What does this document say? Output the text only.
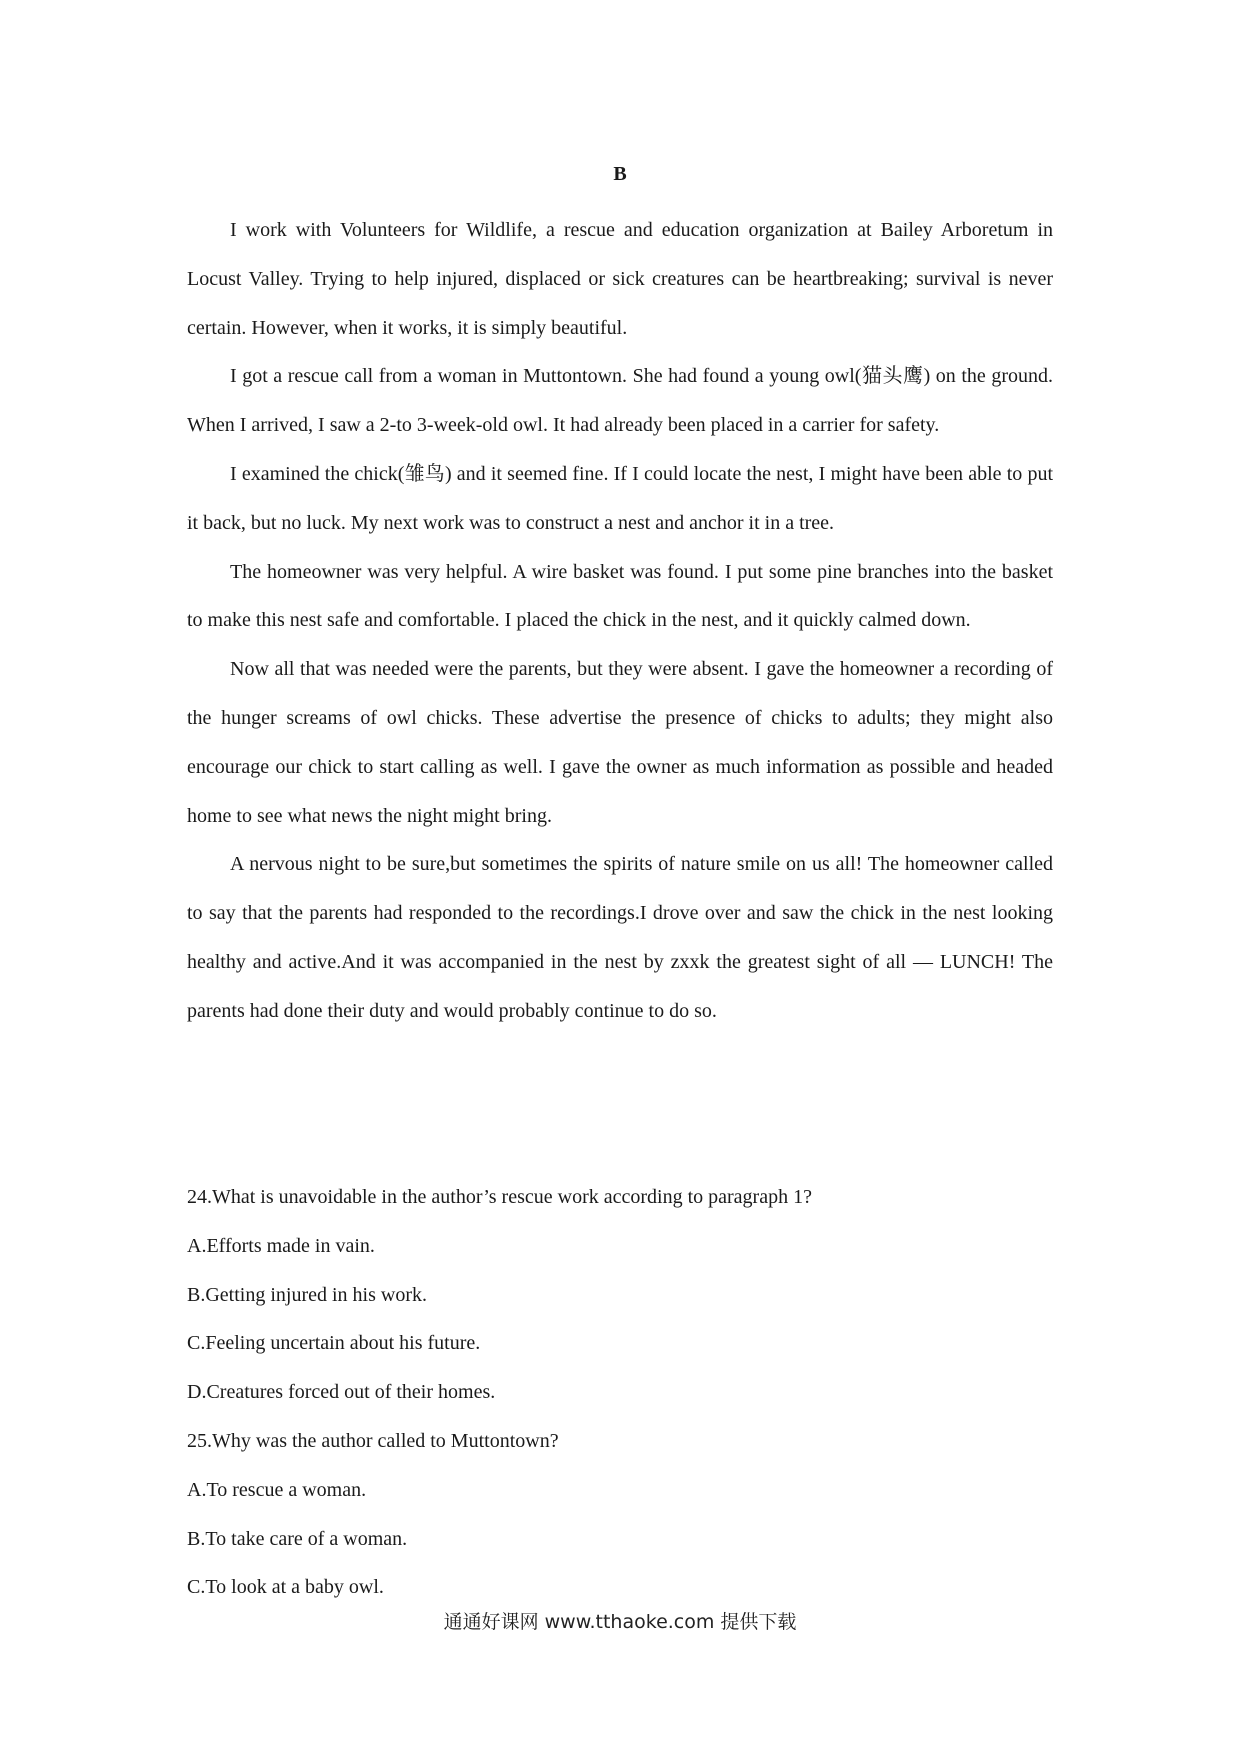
B

I work with Volunteers for Wildlife, a rescue and education organization at Bailey Arboretum in Locust Valley. Trying to help injured, displaced or sick creatures can be heartbreaking; survival is never certain. However, when it works, it is simply beautiful.

I got a rescue call from a woman in Muttontown. She had found a young owl(猫头鹰) on the ground. When I arrived, I saw a 2-to 3-week-old owl. It had already been placed in a carrier for safety.

I examined the chick(雏鸟) and it seemed fine. If I could locate the nest, I might have been able to put it back, but no luck. My next work was to construct a nest and anchor it in a tree.

The homeowner was very helpful. A wire basket was found. I put some pine branches into the basket to make this nest safe and comfortable. I placed the chick in the nest, and it quickly calmed down.

Now all that was needed were the parents, but they were absent. I gave the homeowner a recording of the hunger screams of owl chicks. These advertise the presence of chicks to adults; they might also encourage our chick to start calling as well. I gave the owner as much information as possible and headed home to see what news the night might bring.

A nervous night to be sure,but sometimes the spirits of nature smile on us all! The homeowner called to say that the parents had responded to the recordings.I drove over and saw the chick in the nest looking healthy and active.And it was accompanied in the nest by zxxk the greatest sight of all — LUNCH! The parents had done their duty and would probably continue to do so.

24.What is unavoidable in the author’s rescue work according to paragraph 1?

A.Efforts made in vain.

B.Getting injured in his work.

C.Feeling uncertain about his future.

D.Creatures forced out of their homes.

25.Why was the author called to Muttontown?

A.To rescue a woman.

B.To take care of a woman.

C.To look at a baby owl.

通通好课网 www.tthaoke.com 提供下载
